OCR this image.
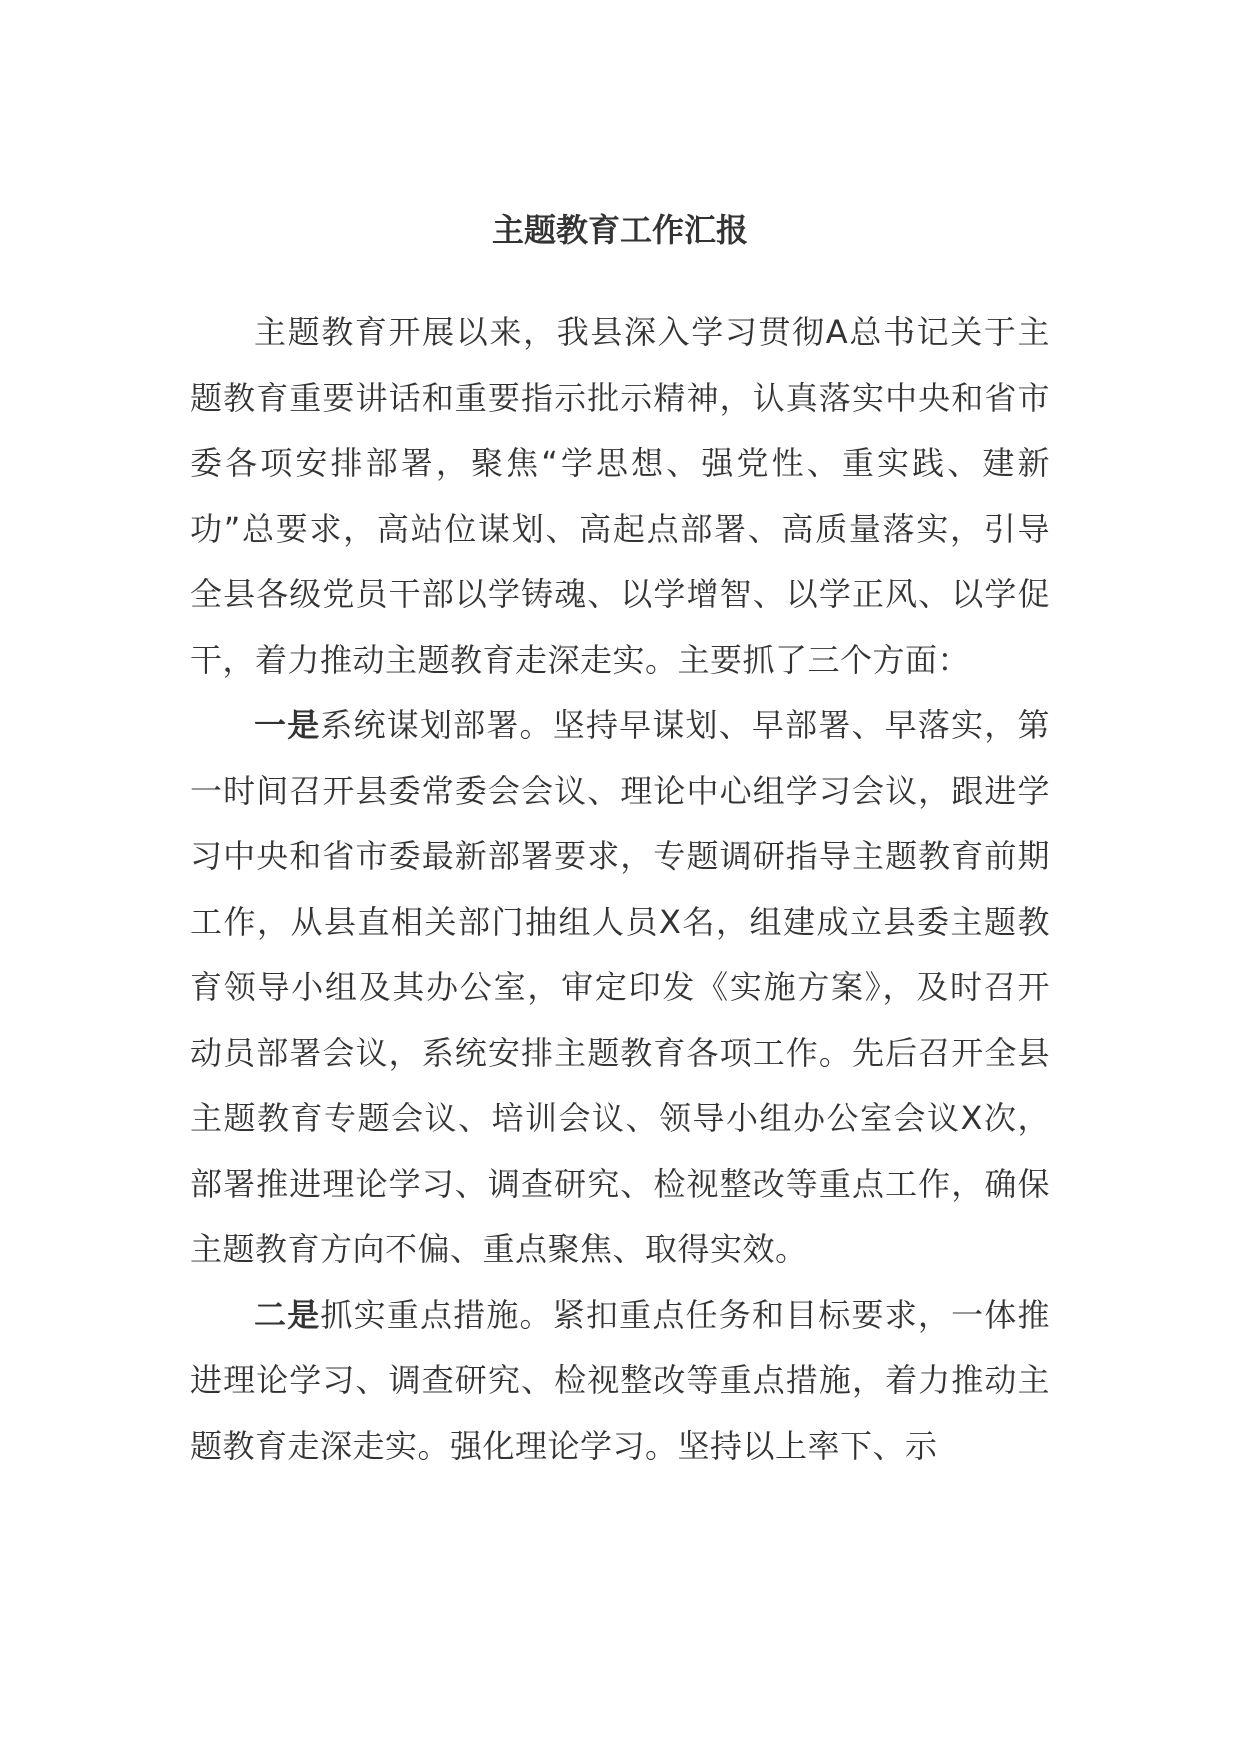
主题教育工作汇报

主题教育开展以来，我县深入学习贯彻A总书记关于主题教育重要讲话和重要指示批示精神，认真落实中央和省市委各项安排部署，聚焦“学思想、强党性、重实践、建新功”总要求，高站位谋划、高起点部署、高质量落实，引导全县各级党员干部以学铸魂、以学增智、以学正风、以学促干，着力推动主题教育走深走实。主要抓了三个方面：

一是系统谋划部署。坚持早谋划、早部署、早落实，第一时间召开县委常委会会议、理论中心组学习会议，跟进学习中央和省市委最新部署要求，专题调研指导主题教育前期工作，从县直相关部门抽组人员X名，组建成立县委主题教育领导小组及其办公室，审定印发《实施方案》，及时召开动员部署会议，系统安排主题教育各项工作。先后召开全县主题教育专题会议、培训会议、领导小组办公室会议X次，部署推进理论学习、调查研究、检视整改等重点工作，确保主题教育方向不偏、重点聚焦、取得实效。

二是抓实重点措施。紧扣重点任务和目标要求，一体推进理论学习、调查研究、检视整改等重点措施，着力推动主题教育走深走实。强化理论学习。坚持以上率下、示
